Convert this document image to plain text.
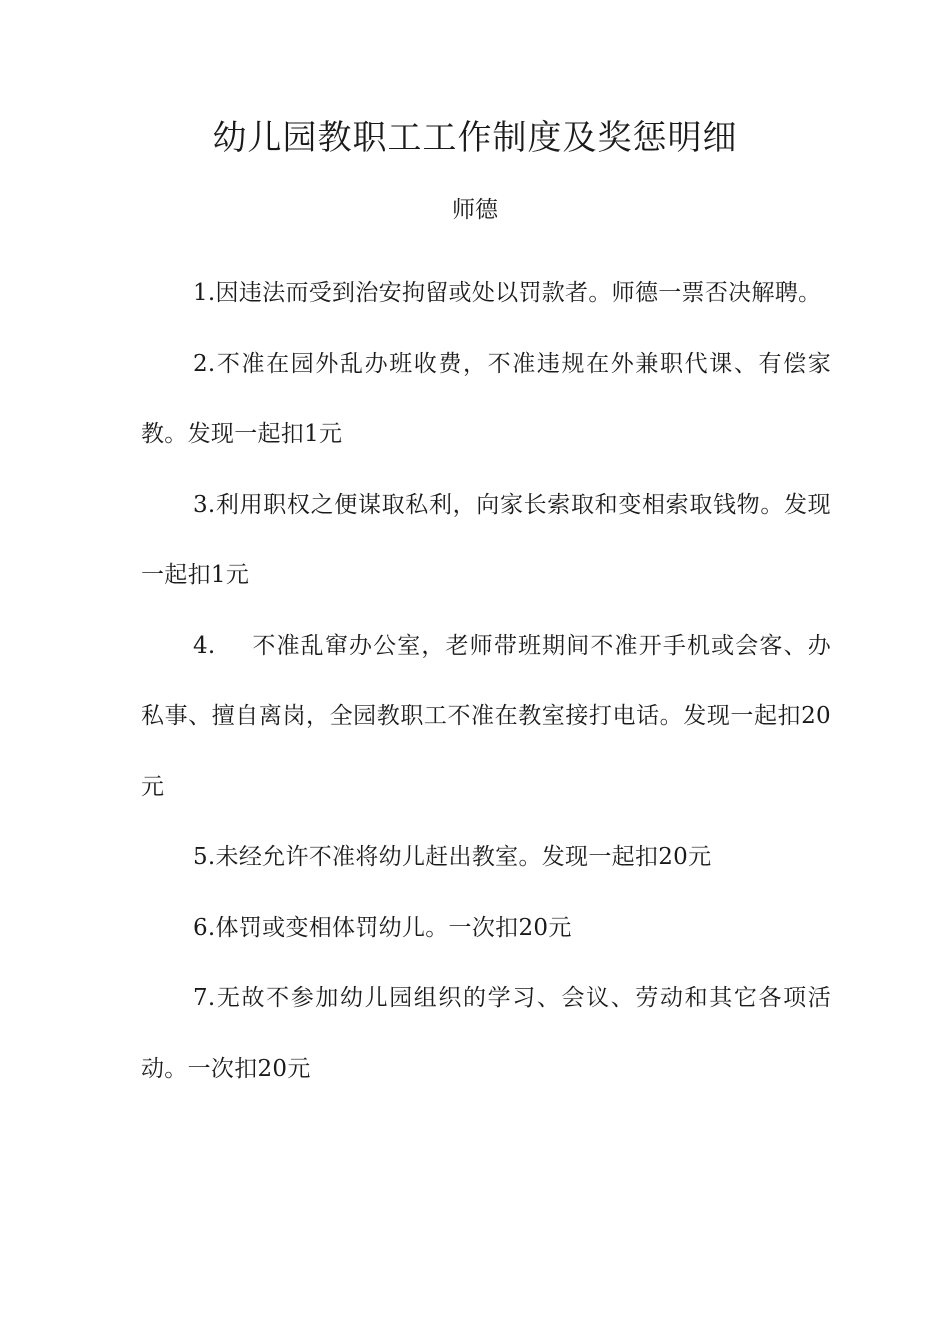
幼儿园教职工工作制度及奖惩明细
师德

1.因违法而受到治安拘留或处以罚款者。师德一票否决解聘。

2.不准在园外乱办班收费，不准违规在外兼职代课、有偿家教。发现一起扣1元

3.利用职权之便谋取私利，向家长索取和变相索取钱物。发现一起扣1元

4. 不准乱窜办公室，老师带班期间不准开手机或会客、办私事、擅自离岗，全园教职工不准在教室接打电话。发现一起扣20元

5.未经允许不准将幼儿赶出教室。发现一起扣20元

6.体罚或变相体罚幼儿。一次扣20元

7.无故不参加幼儿园组织的学习、会议、劳动和其它各项活动。一次扣20元
